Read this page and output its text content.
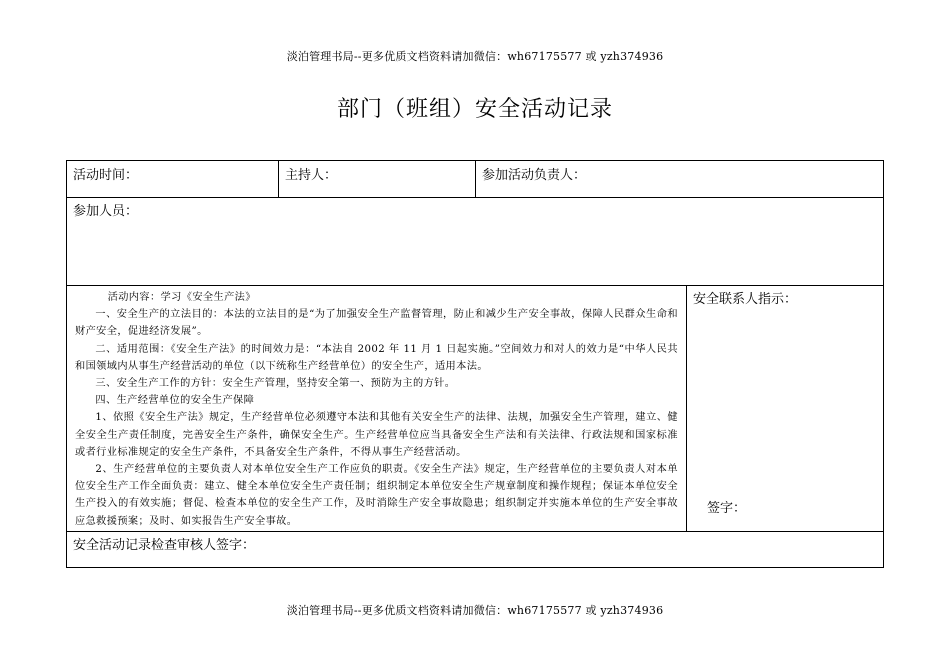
淡泊管理书局--更多优质文档资料请加微信：wh67175577 或 yzh374936
部门（班组）安全活动记录
活动时间：	主持人：	参加活动负责人：
参加人员：

活动内容：学习《安全生产法》

一、安全生产的立法目的：本法的立法目的是“为了加强安全生产监督管理，防止和减少生产安全事故，保障人民群众生命和财产安全，促进经济发展”。

二、适用范围：《安全生产法》的时间效力是：“本法自 2002 年 11 月 1 日起实施。”空间效力和对人的效力是“中华人民共和国领域内从事生产经营活动的单位（以下统称生产经营单位）的安全生产，适用本法。

三、安全生产工作的方针：安全生产管理，坚持安全第一、预防为主的方针。

四、生产经营单位的安全生产保障

1、依照《安全生产法》规定，生产经营单位必须遵守本法和其他有关安全生产的法律、法规，加强安全生产管理，建立、健全安全生产责任制度，完善安全生产条件，确保安全生产。生产经营单位应当具备安全生产法和有关法律、行政法规和国家标准或者行业标准规定的安全生产条件，不具备安全生产条件，不得从事生产经营活动。

2、生产经营单位的主要负责人对本单位安全生产工作应负的职责。《安全生产法》规定，生产经营单位的主要负责人对本单位安全生产工作全面负责：建立、健全本单位安全生产责任制；组织制定本单位安全生产规章制度和操作规程；保证本单位安全生产投入的有效实施；督促、检查本单位的安全生产工作，及时消除生产安全事故隐患；组织制定并实施本单位的生产安全事故应急救援预案；及时、如实报告生产安全事故。

安全联系人指示：
签字：
安全活动记录检查审核人签字：
淡泊管理书局--更多优质文档资料请加微信：wh67175577 或 yzh374936
